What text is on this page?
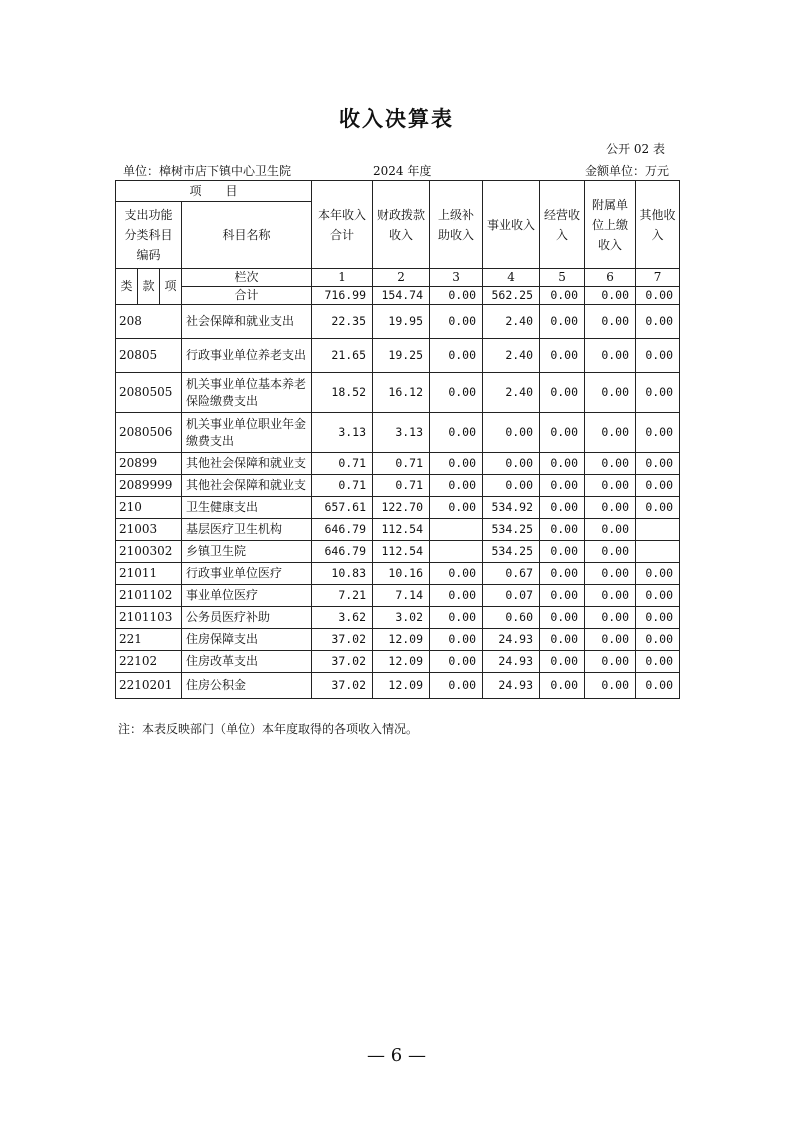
收入决算表
公开 02 表
单位：樟树市店下镇中心卫生院	2024 年度	金额单位：万元
项　　目				本年收入合计	财政拨款收入	上级补助收入	事业收入	经营收入	附属单位上缴收入	其他收入
支出功能分类科目编码			科目名称							

类	款	项	栏次	1	2	3	4	5	6	7
			合计	716.99	154.74	0.00	562.25	0.00	0.00	0.00
208			社会保障和就业支出	22.35	19.95	0.00	2.40	0.00	0.00	0.00
20805			行政事业单位养老支出	21.65	19.25	0.00	2.40	0.00	0.00	0.00
2080505			机关事业单位基本养老保险缴费支出	18.52	16.12	0.00	2.40	0.00	0.00	0.00
2080506			机关事业单位职业年金缴费支出	3.13	3.13	0.00	0.00	0.00	0.00	0.00
20899			其他社会保障和就业支	0.71	0.71	0.00	0.00	0.00	0.00	0.00
2089999			其他社会保障和就业支	0.71	0.71	0.00	0.00	0.00	0.00	0.00
210			卫生健康支出	657.61	122.70	0.00	534.92	0.00	0.00	0.00
21003			基层医疗卫生机构	646.79	112.54		534.25	0.00	0.00	
2100302			乡镇卫生院	646.79	112.54		534.25	0.00	0.00	
21011			行政事业单位医疗	10.83	10.16	0.00	0.67	0.00	0.00	0.00
2101102			事业单位医疗	7.21	7.14	0.00	0.07	0.00	0.00	0.00
2101103			公务员医疗补助	3.62	3.02	0.00	0.60	0.00	0.00	0.00
221			住房保障支出	37.02	12.09	0.00	24.93	0.00	0.00	0.00
22102			住房改革支出	37.02	12.09	0.00	24.93	0.00	0.00	0.00
2210201			住房公积金	37.02	12.09	0.00	24.93	0.00	0.00	0.00
注：本表反映部门（单位）本年度取得的各项收入情况。
— 6 —
